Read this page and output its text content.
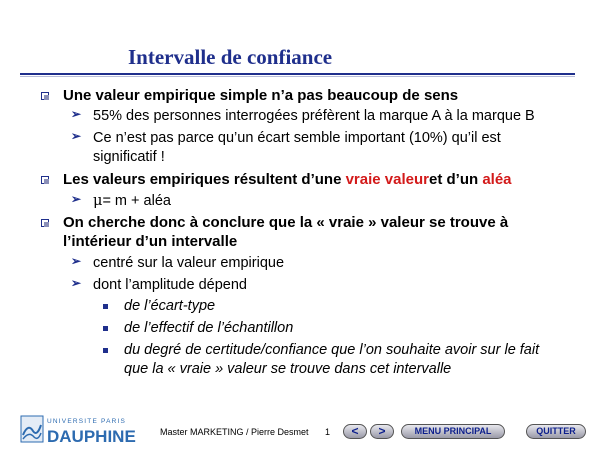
Intervalle de confiance
Une valeur empirique simple n’a pas beaucoup de sens
➢ 55% des personnes interrogées préfèrent la marque A à la marque B
➢ Ce n’est pas parce qu’un écart semble important (10%) qu’il est
significatif !
Les valeurs empiriques résultent d’une vraie valeuret d’un aléa
➢ μ= m + aléa
On cherche donc à conclure que la « vraie » valeur se trouve à
l’intérieur d’un intervalle
➢ centré sur la valeur empirique
➢ dont l’amplitude dépend
de l’écart-type
de l’effectif de l’échantillon
du degré de certitude/confiance que l’on souhaite avoir sur le fait
que la « vraie » valeur se trouve dans cet intervalle
UNIVERSITE PARIS
DAUPHINE	Master MARKETING / Pierre Desmet 1	<	>	MENU PRINCIPAL	QUITTER
